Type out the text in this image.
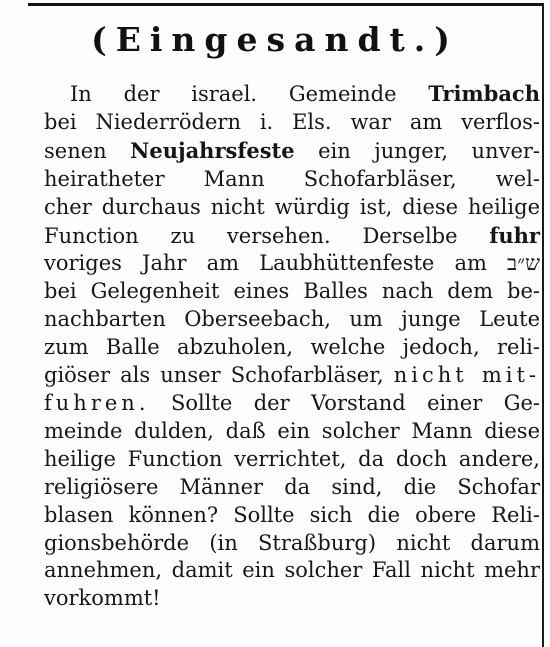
(Eingesandt.)
In der israel. Gemeinde Trimbach
bei Niederrödern i. Els. war am verflos-
senen Neujahrsfeste ein junger, unver-
heiratheter Mann Schofarbläser, wel-
cher durchaus nicht würdig ist, diese heilige
Function zu versehen. Derselbe fuhr
voriges Jahr am Laubhüttenfeste am ש״ב
bei Gelegenheit eines Balles nach dem be-
nachbarten Oberseebach, um junge Leute
zum Balle abzuholen, welche jedoch, reli-
giöser als unser Schofarbläser, nicht mit-
fuhren. Sollte der Vorstand einer Ge-
meinde dulden, daß ein solcher Mann diese
heilige Function verrichtet, da doch andere,
religiösere Männer da sind, die Schofar
blasen können? Sollte sich die obere Reli-
gionsbehörde (in Straßburg) nicht darum
annehmen, damit ein solcher Fall nicht mehr
vorkommt!
